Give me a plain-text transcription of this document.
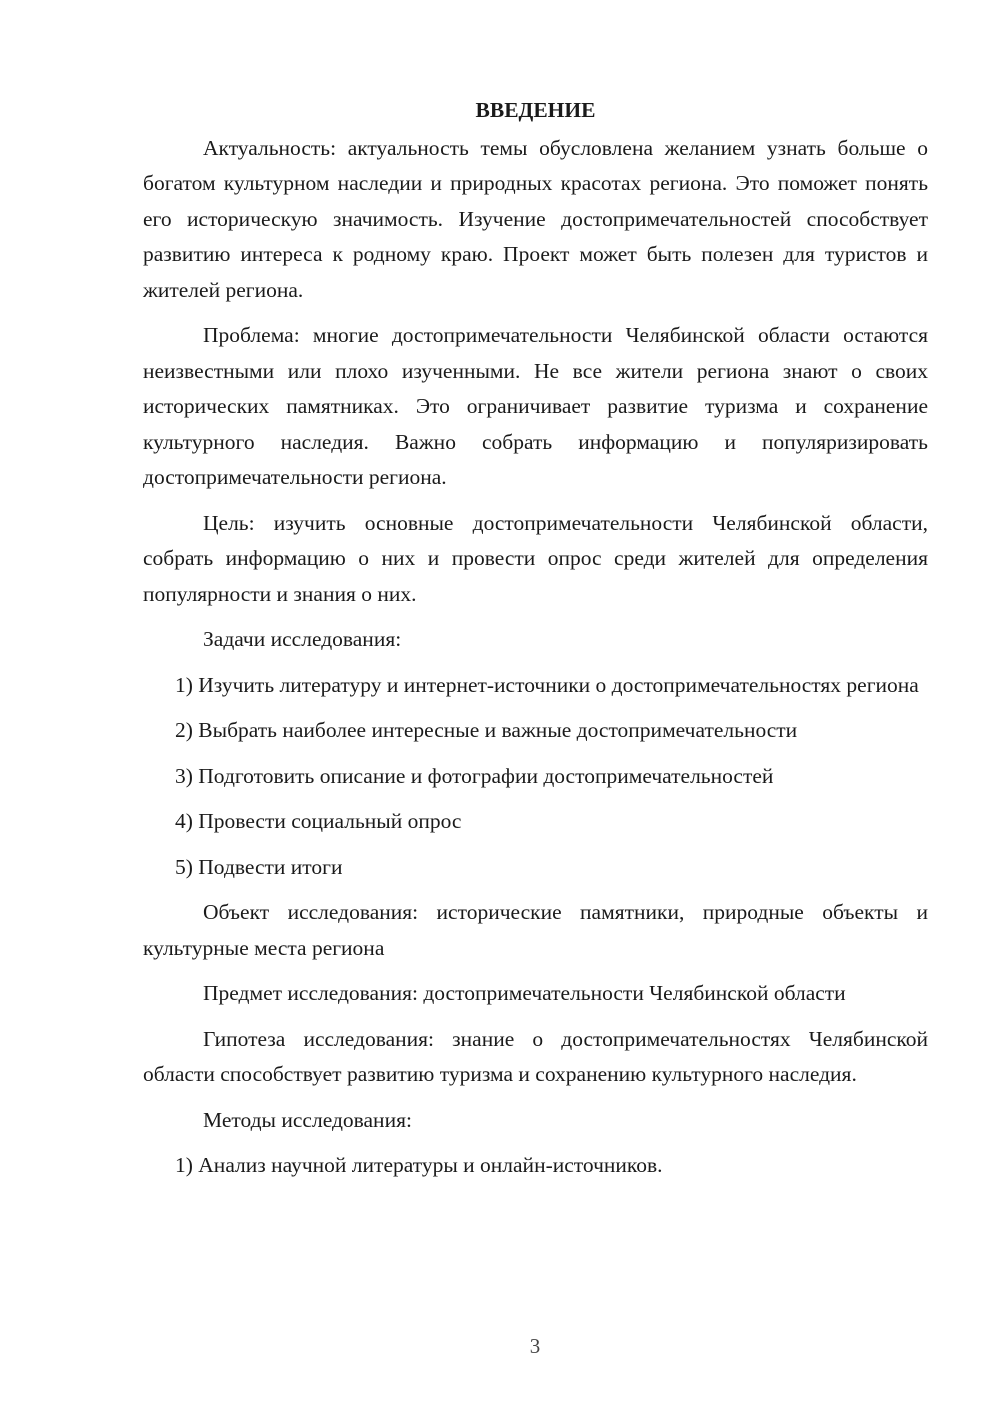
ВВЕДЕНИЕ

Актуальность: актуальность темы обусловлена желанием узнать больше о богатом культурном наследии и природных красотах региона. Это поможет понять его историческую значимость. Изучение достопримечательностей способствует развитию интереса к родному краю. Проект может быть полезен для туристов и жителей региона.

Проблема: многие достопримечательности Челябинской области остаются неизвестными или плохо изученными. Не все жители региона знают о своих исторических памятниках. Это ограничивает развитие туризма и сохранение культурного наследия. Важно собрать информацию и популяризировать достопримечательности региона.

Цель: изучить основные достопримечательности Челябинской области, собрать информацию о них и провести опрос среди жителей для определения популярности и знания о них.

Задачи исследования:

1) Изучить литературу и интернет-источники о достопримечательностях региона

2) Выбрать наиболее интересные и важные достопримечательности

3) Подготовить описание и фотографии достопримечательностей

4) Провести социальный опрос

5) Подвести итоги

Объект исследования: исторические памятники, природные объекты и культурные места региона

Предмет исследования: достопримечательности Челябинской области

Гипотеза исследования: знание о достопримечательностях Челябинской области способствует развитию туризма и сохранению культурного наследия.

Методы исследования:

1) Анализ научной литературы и онлайн-источников.

3
